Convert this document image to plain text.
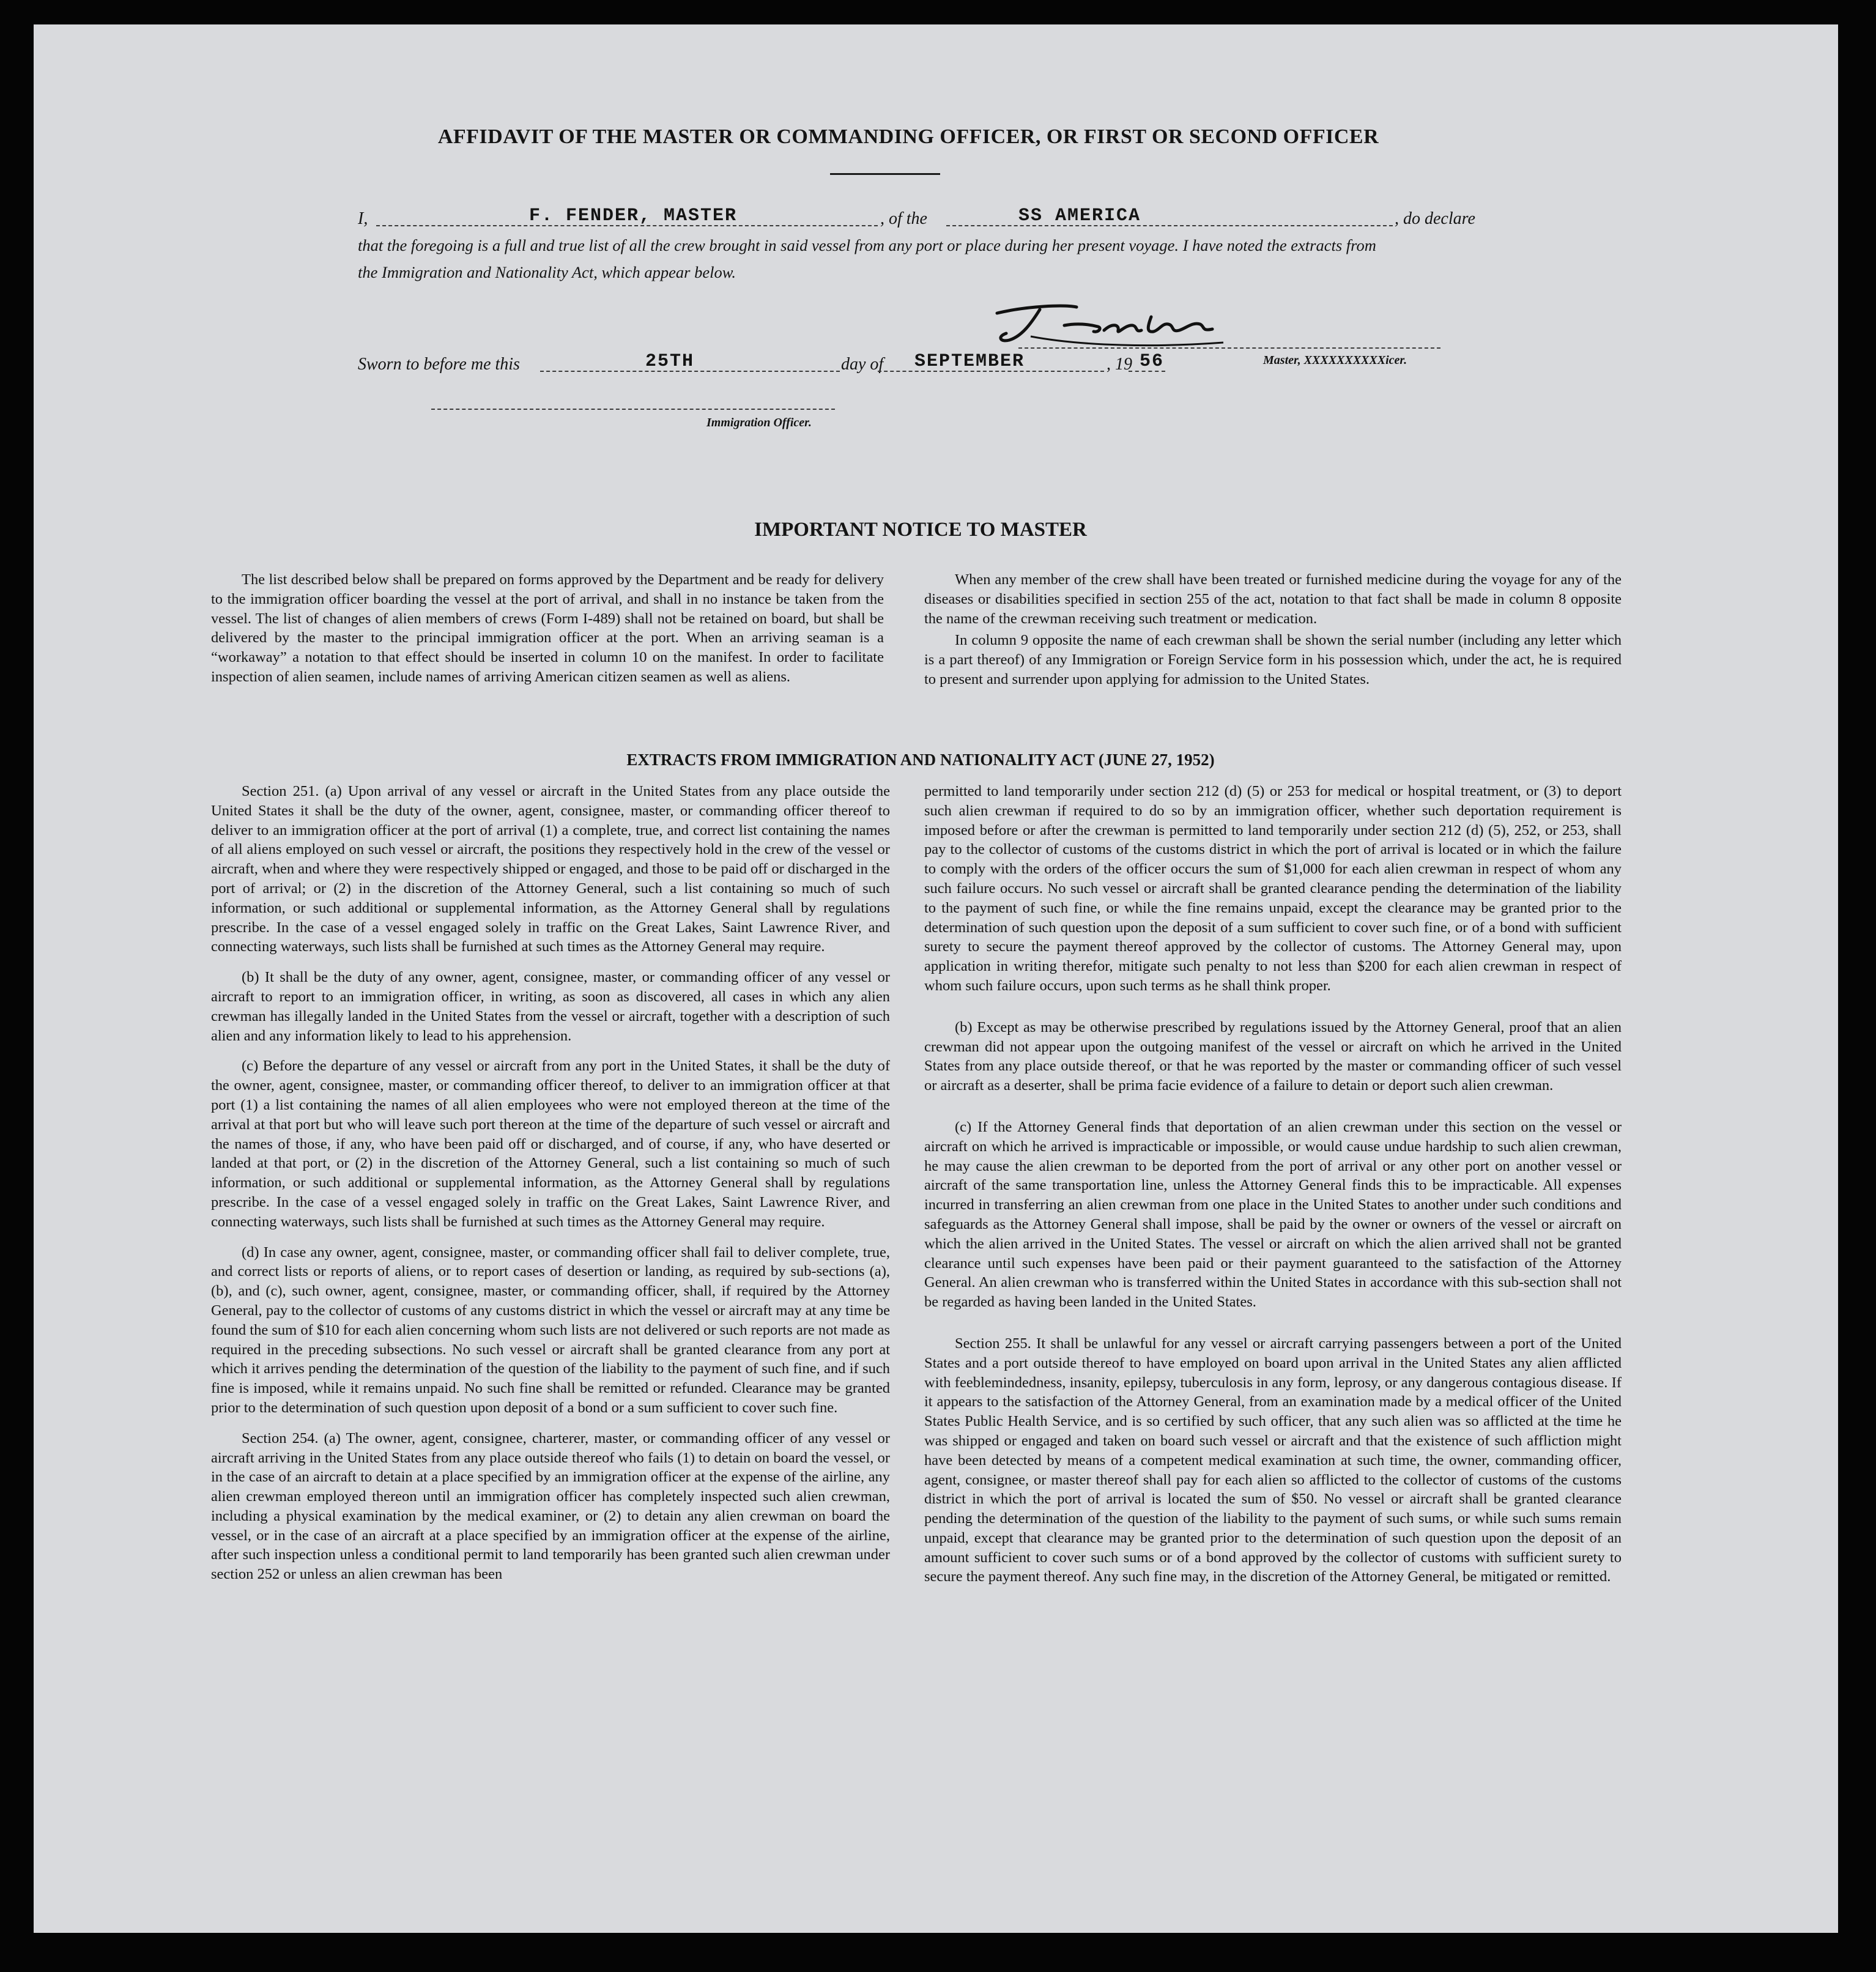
AFFIDAVIT OF THE MASTER OR COMMANDING OFFICER, OR FIRST OR SECOND OFFICER
I,	F. FENDER, MASTER	, of the	SS AMERICA	, do declare
that the foregoing is a full and true list of all the crew brought in said vessel from any port or place during her present voyage. I have noted the extracts from
the Immigration and Nationality Act, which appear below.
Master, XXXXXXXXXXicer.
Sworn to before me this	25TH	day of SEPTEMBER	, 19 56
Immigration Officer.
IMPORTANT NOTICE TO MASTER

The list described below shall be prepared on forms approved by the Department and be ready for delivery to the immigration officer boarding the vessel at the port of arrival, and shall in no instance be taken from the vessel. The list of changes of alien members of crews (Form I-489) shall not be retained on board, but shall be delivered by the master to the principal immigration officer at the port. When an arriving seaman is a “workaway” a notation to that effect should be inserted in column 10 on the manifest. In order to facilitate inspection of alien seamen, include names of arriving American citizen seamen as well as aliens.

When any member of the crew shall have been treated or furnished medicine during the voyage for any of the diseases or disabilities specified in section 255 of the act, notation to that fact shall be made in column 8 opposite the name of the crewman receiving such treatment or medication.

In column 9 opposite the name of each crewman shall be shown the serial number (including any letter which is a part thereof) of any Immigration or Foreign Service form in his possession which, under the act, he is required to present and surrender upon applying for admission to the United States.

EXTRACTS FROM IMMIGRATION AND NATIONALITY ACT (JUNE 27, 1952)

Section 251. (a) Upon arrival of any vessel or aircraft in the United States from any place outside the United States it shall be the duty of the owner, agent, consignee, master, or commanding officer thereof to deliver to an immigration officer at the port of arrival (1) a complete, true, and correct list containing the names of all aliens employed on such vessel or aircraft, the positions they respectively hold in the crew of the vessel or aircraft, when and where they were respectively shipped or engaged, and those to be paid off or discharged in the port of arrival; or (2) in the discretion of the Attorney General, such a list containing so much of such information, or such additional or supplemental information, as the Attorney General shall by regulations prescribe. In the case of a vessel engaged solely in traffic on the Great Lakes, Saint Lawrence River, and connecting waterways, such lists shall be furnished at such times as the Attorney General may require.

(b) It shall be the duty of any owner, agent, consignee, master, or commanding officer of any vessel or aircraft to report to an immigration officer, in writing, as soon as discovered, all cases in which any alien crewman has illegally landed in the United States from the vessel or aircraft, together with a description of such alien and any information likely to lead to his apprehension.

(c) Before the departure of any vessel or aircraft from any port in the United States, it shall be the duty of the owner, agent, consignee, master, or commanding officer thereof, to deliver to an immigration officer at that port (1) a list containing the names of all alien employees who were not employed thereon at the time of the arrival at that port but who will leave such port thereon at the time of the departure of such vessel or aircraft and the names of those, if any, who have been paid off or discharged, and of course, if any, who have deserted or landed at that port, or (2) in the discretion of the Attorney General, such a list containing so much of such information, or such additional or supplemental information, as the Attorney General shall by regulations prescribe. In the case of a vessel engaged solely in traffic on the Great Lakes, Saint Lawrence River, and connecting waterways, such lists shall be furnished at such times as the Attorney General may require.

(d) In case any owner, agent, consignee, master, or commanding officer shall fail to deliver complete, true, and correct lists or reports of aliens, or to report cases of desertion or landing, as required by sub-sections (a), (b), and (c), such owner, agent, consignee, master, or commanding officer, shall, if required by the Attorney General, pay to the collector of customs of any customs district in which the vessel or aircraft may at any time be found the sum of $10 for each alien concerning whom such lists are not delivered or such reports are not made as required in the preceding subsections. No such vessel or aircraft shall be granted clearance from any port at which it arrives pending the determination of the question of the liability to the payment of such fine, and if such fine is imposed, while it remains unpaid. No such fine shall be remitted or refunded. Clearance may be granted prior to the determination of such question upon deposit of a bond or a sum sufficient to cover such fine.

Section 254. (a) The owner, agent, consignee, charterer, master, or commanding officer of any vessel or aircraft arriving in the United States from any place outside thereof who fails (1) to detain on board the vessel, or in the case of an aircraft to detain at a place specified by an immigration officer at the expense of the airline, any alien crewman employed thereon until an immigration officer has completely inspected such alien crewman, including a physical examination by the medical examiner, or (2) to detain any alien crewman on board the vessel, or in the case of an aircraft at a place specified by an immigration officer at the expense of the airline, after such inspection unless a conditional permit to land temporarily has been granted such alien crewman under section 252 or unless an alien crewman has been

permitted to land temporarily under section 212 (d) (5) or 253 for medical or hospital treatment, or (3) to deport such alien crewman if required to do so by an immigration officer, whether such deportation requirement is imposed before or after the crewman is permitted to land temporarily under section 212 (d) (5), 252, or 253, shall pay to the collector of customs of the customs district in which the port of arrival is located or in which the failure to comply with the orders of the officer occurs the sum of $1,000 for each alien crewman in respect of whom any such failure occurs. No such vessel or aircraft shall be granted clearance pending the determination of the liability to the payment of such fine, or while the fine remains unpaid, except the clearance may be granted prior to the determination of such question upon the deposit of a sum sufficient to cover such fine, or of a bond with sufficient surety to secure the payment thereof approved by the collector of customs. The Attorney General may, upon application in writing therefor, mitigate such penalty to not less than $200 for each alien crewman in respect of whom such failure occurs, upon such terms as he shall think proper.

(b) Except as may be otherwise prescribed by regulations issued by the Attorney General, proof that an alien crewman did not appear upon the outgoing manifest of the vessel or aircraft on which he arrived in the United States from any place outside thereof, or that he was reported by the master or commanding officer of such vessel or aircraft as a deserter, shall be prima facie evidence of a failure to detain or deport such alien crewman.

(c) If the Attorney General finds that deportation of an alien crewman under this section on the vessel or aircraft on which he arrived is impracticable or impossible, or would cause undue hardship to such alien crewman, he may cause the alien crewman to be deported from the port of arrival or any other port on another vessel or aircraft of the same transportation line, unless the Attorney General finds this to be impracticable. All expenses incurred in transferring an alien crewman from one place in the United States to another under such conditions and safeguards as the Attorney General shall impose, shall be paid by the owner or owners of the vessel or aircraft on which the alien arrived in the United States. The vessel or aircraft on which the alien arrived shall not be granted clearance until such expenses have been paid or their payment guaranteed to the satisfaction of the Attorney General. An alien crewman who is transferred within the United States in accordance with this sub-section shall not be regarded as having been landed in the United States.

Section 255. It shall be unlawful for any vessel or aircraft carrying passengers between a port of the United States and a port outside thereof to have employed on board upon arrival in the United States any alien afflicted with feeblemindedness, insanity, epilepsy, tuberculosis in any form, leprosy, or any dangerous contagious disease. If it appears to the satisfaction of the Attorney General, from an examination made by a medical officer of the United States Public Health Service, and is so certified by such officer, that any such alien was so afflicted at the time he was shipped or engaged and taken on board such vessel or aircraft and that the existence of such affliction might have been detected by means of a competent medical examination at such time, the owner, commanding officer, agent, consignee, or master thereof shall pay for each alien so afflicted to the collector of customs of the customs district in which the port of arrival is located the sum of $50. No vessel or aircraft shall be granted clearance pending the determination of the question of the liability to the payment of such sums, or while such sums remain unpaid, except that clearance may be granted prior to the determination of such question upon the deposit of an amount sufficient to cover such sums or of a bond approved by the collector of customs with sufficient surety to secure the payment thereof. Any such fine may, in the discretion of the Attorney General, be mitigated or remitted.
